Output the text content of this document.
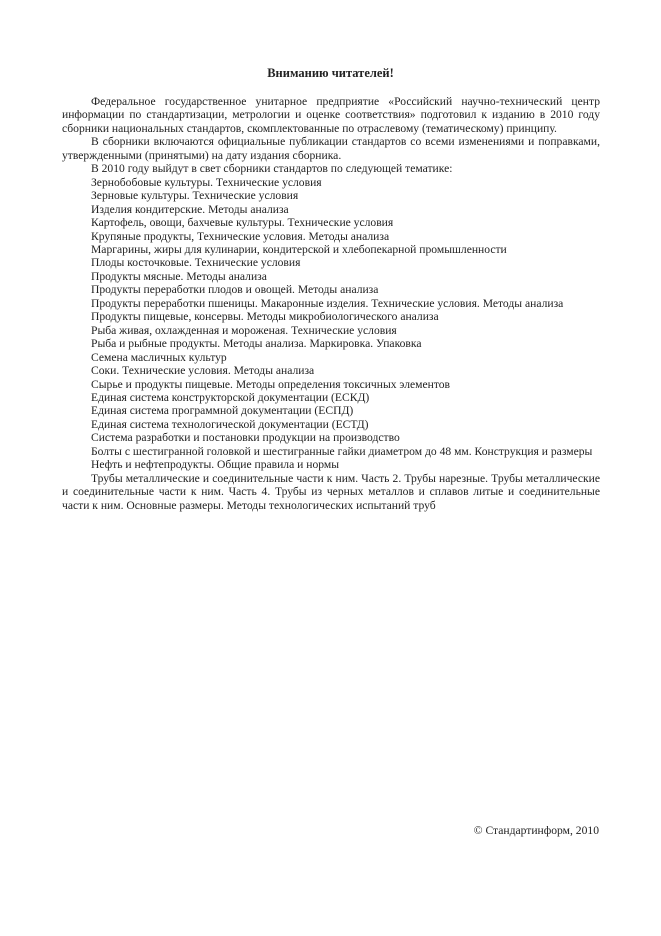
Вниманию читателей!

Федеральное государственное унитарное предприятие «Российский научно-технический центр информации по стандартизации, метрологии и оценке соответствия» подготовил к изданию в 2010 году сборники национальных стандартов, скомплектованные по отраслевому (тематическому) принципу.

В сборники включаются официальные публикации стандартов со всеми изменениями и поправками, утвержденными (принятыми) на дату издания сборника.

В 2010 году выйдут в свет сборники стандартов по следующей тематике:

Зернобобовые культуры. Технические условия

Зерновые культуры. Технические условия

Изделия кондитерские. Методы анализа

Картофель, овощи, бахчевые культуры. Технические условия

Крупяные продукты, Технические условия. Методы анализа

Маргарины, жиры для кулинарии, кондитерской и хлебопекарной промышленности

Плоды косточковые. Технические условия

Продукты мясные. Методы анализа

Продукты переработки плодов и овощей. Методы анализа

Продукты переработки пшеницы. Макаронные изделия. Технические условия. Методы анализа

Продукты пищевые, консервы. Методы микробиологического анализа

Рыба живая, охлажденная и мороженая. Технические условия

Рыба и рыбные продукты. Методы анализа. Маркировка. Упаковка

Семена масличных культур

Соки. Технические условия. Методы анализа

Сырье и продукты пищевые. Методы определения токсичных элементов

Единая система конструкторской документации (ЕСКД)

Единая система программной документации (ЕСПД)

Единая система технологической документации (ЕСТД)

Система разработки и постановки продукции на производство

Болты с шестигранной головкой и шестигранные гайки диаметром до 48 мм. Конструкция и размеры

Нефть и нефтепродукты. Общие правила и нормы

Трубы металлические и соединительные части к ним. Часть 2. Трубы нарезные. Трубы металлические и соединительные части к ним. Часть 4. Трубы из черных металлов и сплавов литые и соединительные части к ним. Основные размеры. Методы технологических испытаний труб

© Стандартинформ, 2010
